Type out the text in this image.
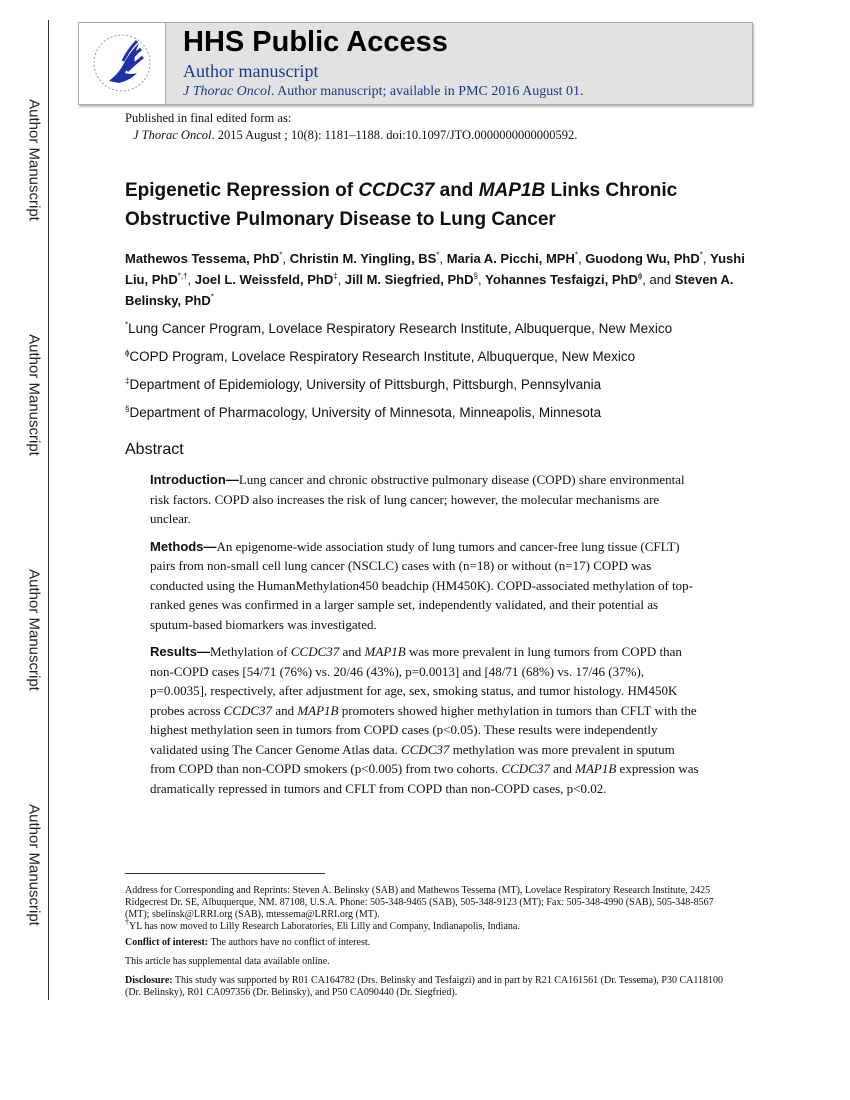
Author Manuscript
Author Manuscript
Author Manuscript
Author Manuscript
HHS Public Access
Author manuscript
J Thorac Oncol. Author manuscript; available in PMC 2016 August 01.
Published in final edited form as:
J Thorac Oncol. 2015 August ; 10(8): 1181–1188. doi:10.1097/JTO.0000000000000592.
Epigenetic Repression of CCDC37 and MAP1B Links Chronic Obstructive Pulmonary Disease to Lung Cancer
Mathewos Tessema, PhD*, Christin M. Yingling, BS*, Maria A. Picchi, MPH*, Guodong Wu, PhD*, Yushi Liu, PhD*,†, Joel L. Weissfeld, PhD‡, Jill M. Siegfried, PhD§, Yohannes Tesfaigzi, PhD$^ɸ$, and Steven A. Belinsky, PhD*
*Lung Cancer Program, Lovelace Respiratory Research Institute, Albuquerque, New Mexico
$^ɸ$COPD Program, Lovelace Respiratory Research Institute, Albuquerque, New Mexico
‡Department of Epidemiology, University of Pittsburgh, Pittsburgh, Pennsylvania
§Department of Pharmacology, University of Minnesota, Minneapolis, Minnesota
Abstract

Introduction—Lung cancer and chronic obstructive pulmonary disease (COPD) share environmental risk factors. COPD also increases the risk of lung cancer; however, the molecular mechanisms are unclear.

Methods—An epigenome-wide association study of lung tumors and cancer-free lung tissue (CFLT) pairs from non-small cell lung cancer (NSCLC) cases with (n=18) or without (n=17) COPD was conducted using the HumanMethylation450 beadchip (HM450K). COPD-associated methylation of top-ranked genes was confirmed in a larger sample set, independently validated, and their potential as sputum-based biomarkers was investigated.

Results—Methylation of CCDC37 and MAP1B was more prevalent in lung tumors from COPD than non-COPD cases [54/71 (76%) vs. 20/46 (43%), p=0.0013] and [48/71 (68%) vs. 17/46 (37%), p=0.0035], respectively, after adjustment for age, sex, smoking status, and tumor histology. HM450K probes across CCDC37 and MAP1B promoters showed higher methylation in tumors than CFLT with the highest methylation seen in tumors from COPD cases (p<0.05). These results were independently validated using The Cancer Genome Atlas data. CCDC37 methylation was more prevalent in sputum from COPD than non-COPD smokers (p<0.005) from two cohorts. CCDC37 and MAP1B expression was dramatically repressed in tumors and CFLT from COPD than non-COPD cases, p<0.02.

Address for Corresponding and Reprints: Steven A. Belinsky (SAB) and Mathewos Tessema (MT), Lovelace Respiratory Research Institute, 2425 Ridgecrest Dr. SE, Albuquerque, NM. 87108, U.S.A. Phone: 505-348-9465 (SAB), 505-348-9123 (MT); Fax: 505-348-4990 (SAB), 505-348-8567 (MT); sbelinsk@LRRI.org (SAB), mtessema@LRRI.org (MT).
†YL has now moved to Lilly Research Laboratories, Eli Lilly and Company, Indianapolis, Indiana.

Conflict of interest: The authors have no conflict of interest.

This article has supplemental data available online.

Disclosure: This study was supported by R01 CA164782 (Drs. Belinsky and Tesfaigzi) and in part by R21 CA161561 (Dr. Tessema), P30 CA118100 (Dr. Belinsky), R01 CA097356 (Dr. Belinsky), and P50 CA090440 (Dr. Siegfried).
